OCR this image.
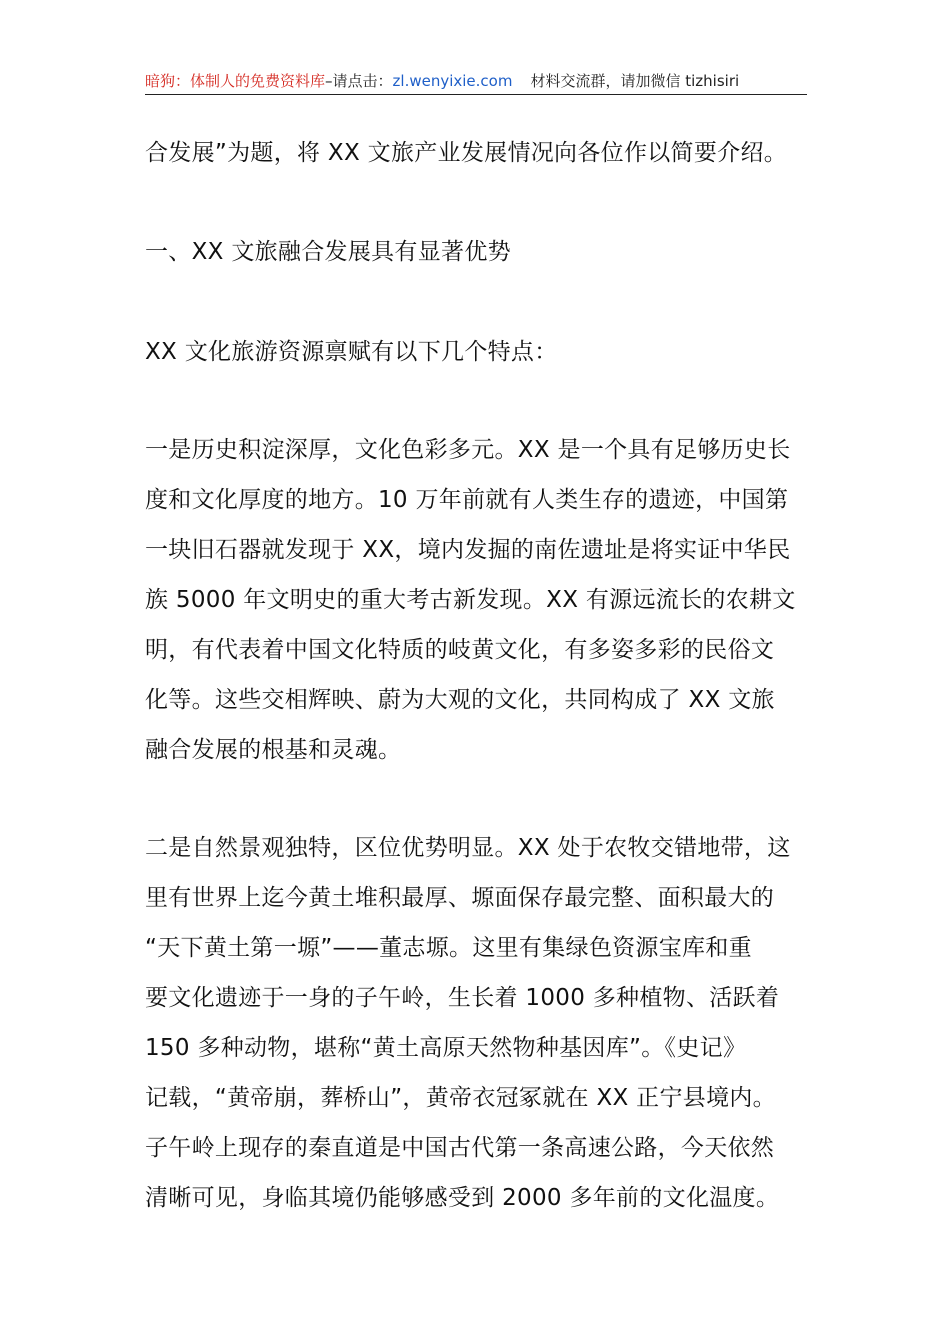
暗狗：体制人的免费资料库–请点击：zl.wenyixie.com 材料交流群，请加微信 tizhisiri
合发展”为题，将 XX 文旅产业发展情况向各位作以简要介绍。
一、XX 文旅融合发展具有显著优势
XX 文化旅游资源禀赋有以下几个特点：
一是历史积淀深厚，文化色彩多元。XX 是一个具有足够历史长
度和文化厚度的地方。10 万年前就有人类生存的遗迹，中国第
一块旧石器就发现于 XX，境内发掘的南佐遗址是将实证中华民
族 5000 年文明史的重大考古新发现。XX 有源远流长的农耕文
明，有代表着中国文化特质的岐黄文化，有多姿多彩的民俗文
化等。这些交相辉映、蔚为大观的文化，共同构成了 XX 文旅
融合发展的根基和灵魂。
二是自然景观独特，区位优势明显。XX 处于农牧交错地带，这
里有世界上迄今黄土堆积最厚、塬面保存最完整、面积最大的
“天下黄土第一塬”——董志塬。这里有集绿色资源宝库和重
要文化遗迹于一身的子午岭，生长着 1000 多种植物、活跃着
150 多种动物，堪称“黄土高原天然物种基因库”。《史记》
记载，“黄帝崩，葬桥山”，黄帝衣冠冢就在 XX 正宁县境内。
子午岭上现存的秦直道是中国古代第一条高速公路，今天依然
清晰可见，身临其境仍能够感受到 2000 多年前的文化温度。
